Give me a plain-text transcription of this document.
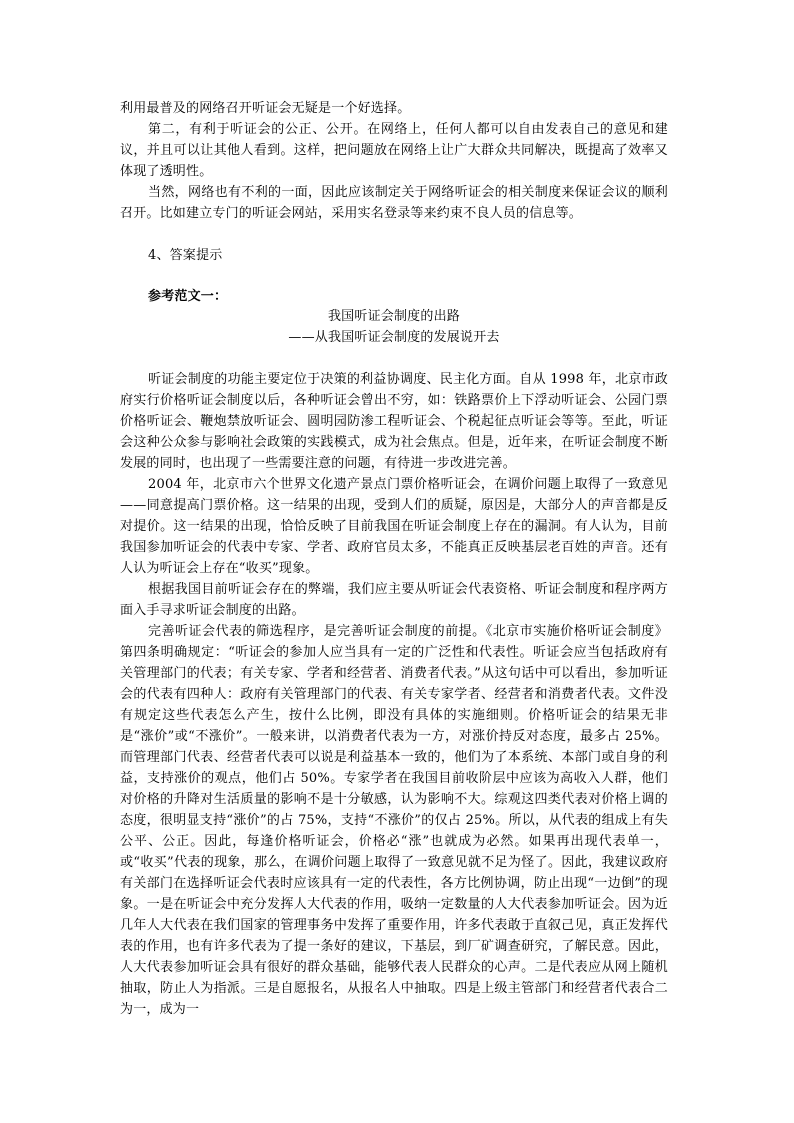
利用最普及的网络召开听证会无疑是一个好选择。

第二，有利于听证会的公正、公开。在网络上，任何人都可以自由发表自己的意见和建议，并且可以让其他人看到。这样，把问题放在网络上让广大群众共同解决，既提高了效率又体现了透明性。

当然，网络也有不利的一面，因此应该制定关于网络听证会的相关制度来保证会议的顺利召开。比如建立专门的听证会网站，采用实名登录等来约束不良人员的信息等。

4、答案提示
参考范文一：
我国听证会制度的出路
——从我国听证会制度的发展说开去

听证会制度的功能主要定位于决策的利益协调度、民主化方面。自从 1998 年，北京市政府实行价格听证会制度以后，各种听证会曾出不穷，如：铁路票价上下浮动听证会、公园门票价格听证会、鞭炮禁放听证会、圆明园防渗工程听证会、个税起征点听证会等等。至此，听证会这种公众参与影响社会政策的实践模式，成为社会焦点。但是，近年来，在听证会制度不断发展的同时，也出现了一些需要注意的问题，有待进一步改进完善。

2004 年，北京市六个世界文化遗产景点门票价格听证会，在调价问题上取得了一致意见——同意提高门票价格。这一结果的出现，受到人们的质疑，原因是，大部分人的声音都是反对提价。这一结果的出现，恰恰反映了目前我国在听证会制度上存在的漏洞。有人认为，目前我国参加听证会的代表中专家、学者、政府官员太多，不能真正反映基层老百姓的声音。还有人认为听证会上存在“收买”现象。

根据我国目前听证会存在的弊端，我们应主要从听证会代表资格、听证会制度和程序两方面入手寻求听证会制度的出路。

完善听证会代表的筛选程序，是完善听证会制度的前提。《北京市实施价格听证会制度》第四条明确规定：“听证会的参加人应当具有一定的广泛性和代表性。听证会应当包括政府有关管理部门的代表；有关专家、学者和经营者、消费者代表。”从这句话中可以看出，参加听证会的代表有四种人：政府有关管理部门的代表、有关专家学者、经营者和消费者代表。文件没有规定这些代表怎么产生，按什么比例，即没有具体的实施细则。价格听证会的结果无非是“涨价”或“不涨价”。一般来讲，以消费者代表为一方，对涨价持反对态度，最多占 25%。而管理部门代表、经营者代表可以说是利益基本一致的，他们为了本系统、本部门或自身的利益，支持涨价的观点，他们占 50%。专家学者在我国目前收阶层中应该为高收入人群，他们对价格的升降对生活质量的影响不是十分敏感，认为影响不大。综观这四类代表对价格上调的态度，很明显支持“涨价”的占 75%，支持“不涨价”的仅占 25%。所以，从代表的组成上有失公平、公正。因此，每逢价格听证会，价格必“涨”也就成为必然。如果再出现代表单一，或“收买”代表的现象，那么，在调价问题上取得了一致意见就不足为怪了。因此，我建议政府有关部门在选择听证会代表时应该具有一定的代表性，各方比例协调，防止出现“一边倒”的现象。一是在听证会中充分发挥人大代表的作用，吸纳一定数量的人大代表参加听证会。因为近几年人大代表在我们国家的管理事务中发挥了重要作用，许多代表敢于直叙己见，真正发挥代表的作用，也有许多代表为了提一条好的建议，下基层，到厂矿调查研究，了解民意。因此，人大代表参加听证会具有很好的群众基础，能够代表人民群众的心声。二是代表应从网上随机抽取，防止人为指派。三是自愿报名，从报名人中抽取。四是上级主管部门和经营者代表合二为一，成为一
